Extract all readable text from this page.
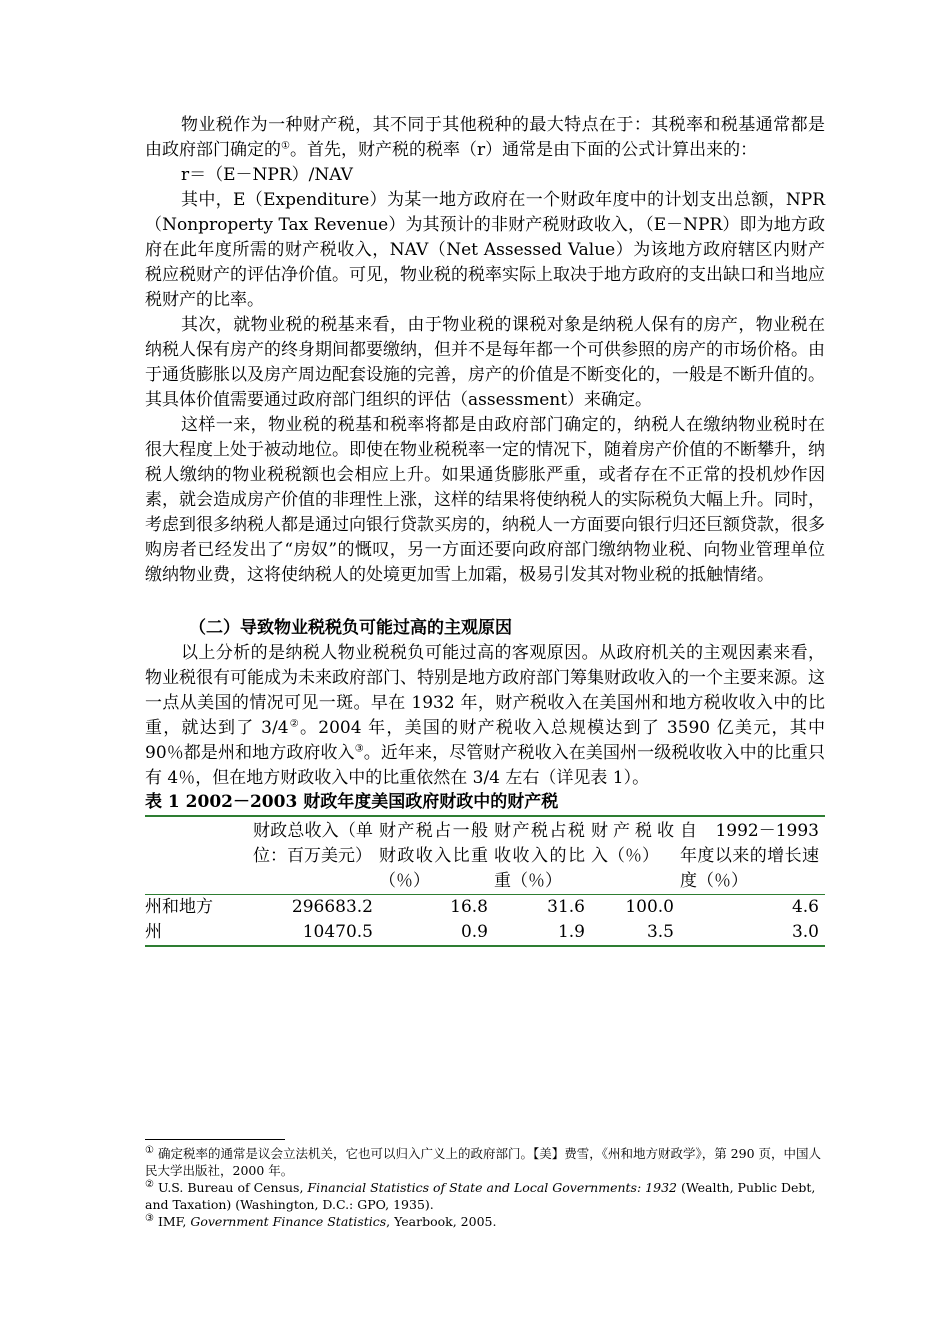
物业税作为一种财产税，其不同于其他税种的最大特点在于：其税率和税基通常都是由政府部门确定的①。首先，财产税的税率（r）通常是由下面的公式计算出来的：

r＝（E－NPR）/NAV

其中，E（Expenditure）为某一地方政府在一个财政年度中的计划支出总额，NPR（Nonproperty Tax Revenue）为其预计的非财产税财政收入，（E－NPR）即为地方政府在此年度所需的财产税收入，NAV（Net Assessed Value）为该地方政府辖区内财产税应税财产的评估净价值。可见，物业税的税率实际上取决于地方政府的支出缺口和当地应税财产的比率。

其次，就物业税的税基来看，由于物业税的课税对象是纳税人保有的房产，物业税在纳税人保有房产的终身期间都要缴纳，但并不是每年都一个可供参照的房产的市场价格。由于通货膨胀以及房产周边配套设施的完善，房产的价值是不断变化的，一般是不断升值的。其具体价值需要通过政府部门组织的评估（assessment）来确定。

这样一来，物业税的税基和税率将都是由政府部门确定的，纳税人在缴纳物业税时在很大程度上处于被动地位。即使在物业税税率一定的情况下，随着房产价值的不断攀升，纳税人缴纳的物业税税额也会相应上升。如果通货膨胀严重，或者存在不正常的投机炒作因素，就会造成房产价值的非理性上涨，这样的结果将使纳税人的实际税负大幅上升。同时，考虑到很多纳税人都是通过向银行贷款买房的，纳税人一方面要向银行归还巨额贷款，很多购房者已经发出了“房奴”的慨叹，另一方面还要向政府部门缴纳物业税、向物业管理单位缴纳物业费，这将使纳税人的处境更加雪上加霜，极易引发其对物业税的抵触情绪。

（二）导致物业税税负可能过高的主观原因

以上分析的是纳税人物业税税负可能过高的客观原因。从政府机关的主观因素来看，物业税很有可能成为未来政府部门、特别是地方政府部门筹集财政收入的一个主要来源。这一点从美国的情况可见一斑。早在 1932 年，财产税收入在美国州和地方税收收入中的比重，就达到了 3/4②。2004 年，美国的财产税收入总规模达到了 3590 亿美元，其中 90％都是州和地方政府收入③。近年来，尽管财产税收入在美国州一级税收收入中的比重只有 4％，但在地方财政收入中的比重依然在 3/4 左右（详见表 1）。

表 1 2002－2003 财政年度美国政府财政中的财产税

	财政总收入（单位：百万美元）	财产税占一般财政收入比重（％）	财产税占税收收入的比重（％）	财产税收入（％）	自 1992－1993 年度以来的增长速度（％）
州和地方	296683.2	16.8	31.6	100.0	4.6
州	10470.5	0.9	1.9	3.5	3.0

① 确定税率的通常是议会立法机关，它也可以归入广义上的政府部门。【美】费雪，《州和地方财政学》，第 290 页，中国人民大学出版社，2000 年。

② U.S. Bureau of Census, Financial Statistics of State and Local Governments: 1932 (Wealth, Public Debt, and Taxation) (Washington, D.C.: GPO, 1935).

③ IMF, Government Finance Statistics, Yearbook, 2005.
